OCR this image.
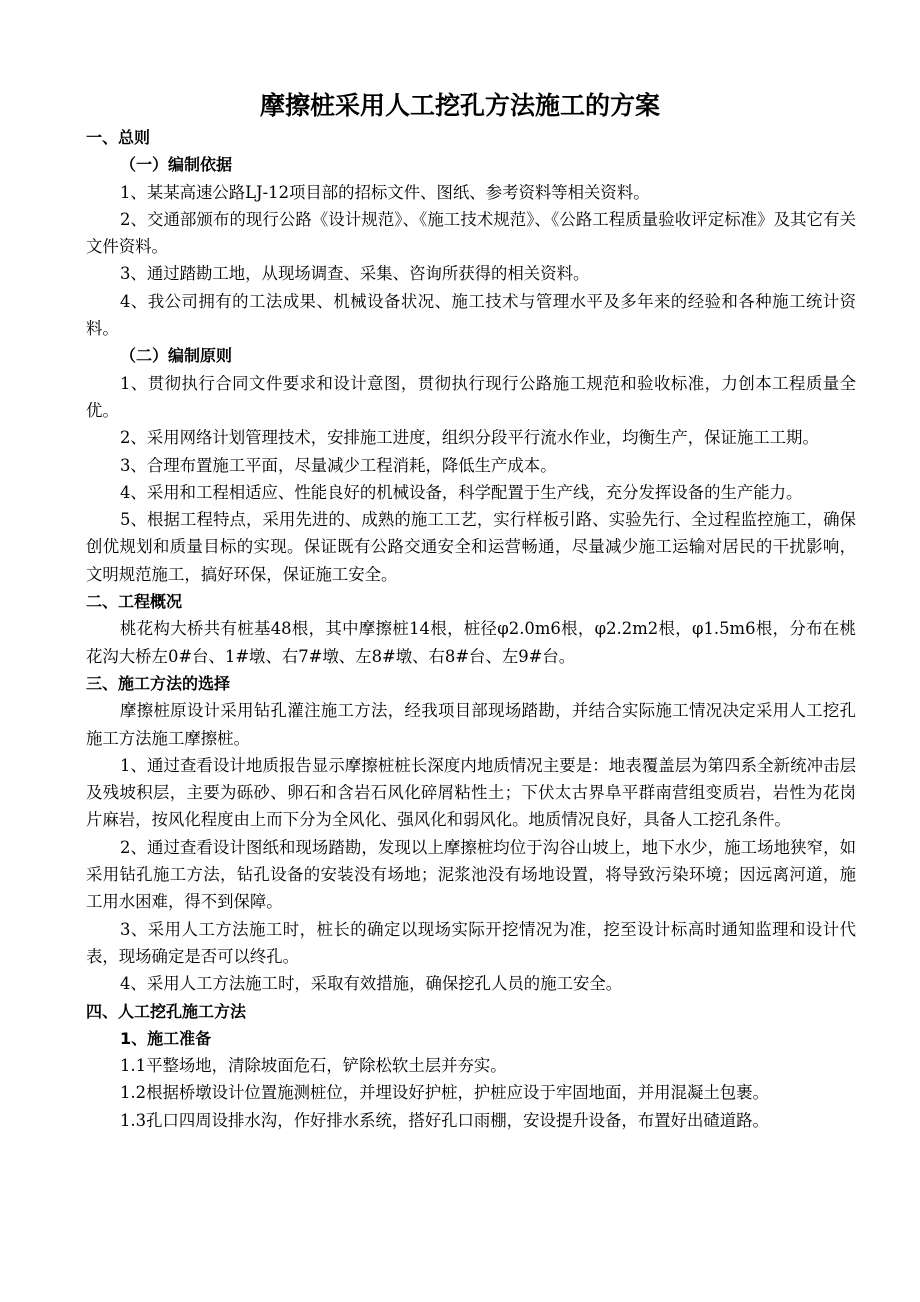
摩擦桩采用人工挖孔方法施工的方案

一、总则

（一）编制依据

1、某某高速公路LJ-12项目部的招标文件、图纸、参考资料等相关资料。

2、交通部颁布的现行公路《设计规范》、《施工技术规范》、《公路工程质量验收评定标准》及其它有关文件资料。

3、通过踏勘工地，从现场调查、采集、咨询所获得的相关资料。

4、我公司拥有的工法成果、机械设备状况、施工技术与管理水平及多年来的经验和各种施工统计资料。

（二）编制原则

1、贯彻执行合同文件要求和设计意图，贯彻执行现行公路施工规范和验收标准，力创本工程质量全优。

2、采用网络计划管理技术，安排施工进度，组织分段平行流水作业，均衡生产，保证施工工期。

3、合理布置施工平面，尽量减少工程消耗，降低生产成本。

4、采用和工程相适应、性能良好的机械设备，科学配置于生产线，充分发挥设备的生产能力。

5、根据工程特点，采用先进的、成熟的施工工艺，实行样板引路、实验先行、全过程监控施工，确保创优规划和质量目标的实现。保证既有公路交通安全和运营畅通，尽量减少施工运输对居民的干扰影响，文明规范施工，搞好环保，保证施工安全。

二、工程概况

桃花构大桥共有桩基48根，其中摩擦桩14根，桩径φ2.0m6根，φ2.2m2根，φ1.5m6根，分布在桃花沟大桥左0#台、1#墩、右7#墩、左8#墩、右8#台、左9#台。

三、施工方法的选择

摩擦桩原设计采用钻孔灌注施工方法，经我项目部现场踏勘，并结合实际施工情况决定采用人工挖孔施工方法施工摩擦桩。

1、通过查看设计地质报告显示摩擦桩桩长深度内地质情况主要是：地表覆盖层为第四系全新统冲击层及残坡积层，主要为砾砂、卵石和含岩石风化碎屑粘性土；下伏太古界阜平群南营组变质岩，岩性为花岗片麻岩，按风化程度由上而下分为全风化、强风化和弱风化。地质情况良好，具备人工挖孔条件。

2、通过查看设计图纸和现场踏勘，发现以上摩擦桩均位于沟谷山坡上，地下水少，施工场地狭窄，如采用钻孔施工方法，钻孔设备的安装没有场地；泥浆池没有场地设置，将导致污染环境；因远离河道，施工用水困难，得不到保障。

3、采用人工方法施工时，桩长的确定以现场实际开挖情况为准，挖至设计标高时通知监理和设计代表，现场确定是否可以终孔。

4、采用人工方法施工时，采取有效措施，确保挖孔人员的施工安全。

四、人工挖孔施工方法

1、施工准备

1.1平整场地，清除坡面危石，铲除松软土层并夯实。

1.2根据桥墩设计位置施测桩位，并埋设好护桩，护桩应设于牢固地面，并用混凝土包裹。

1.3孔口四周设排水沟，作好排水系统，搭好孔口雨棚，安设提升设备，布置好出碴道路。
